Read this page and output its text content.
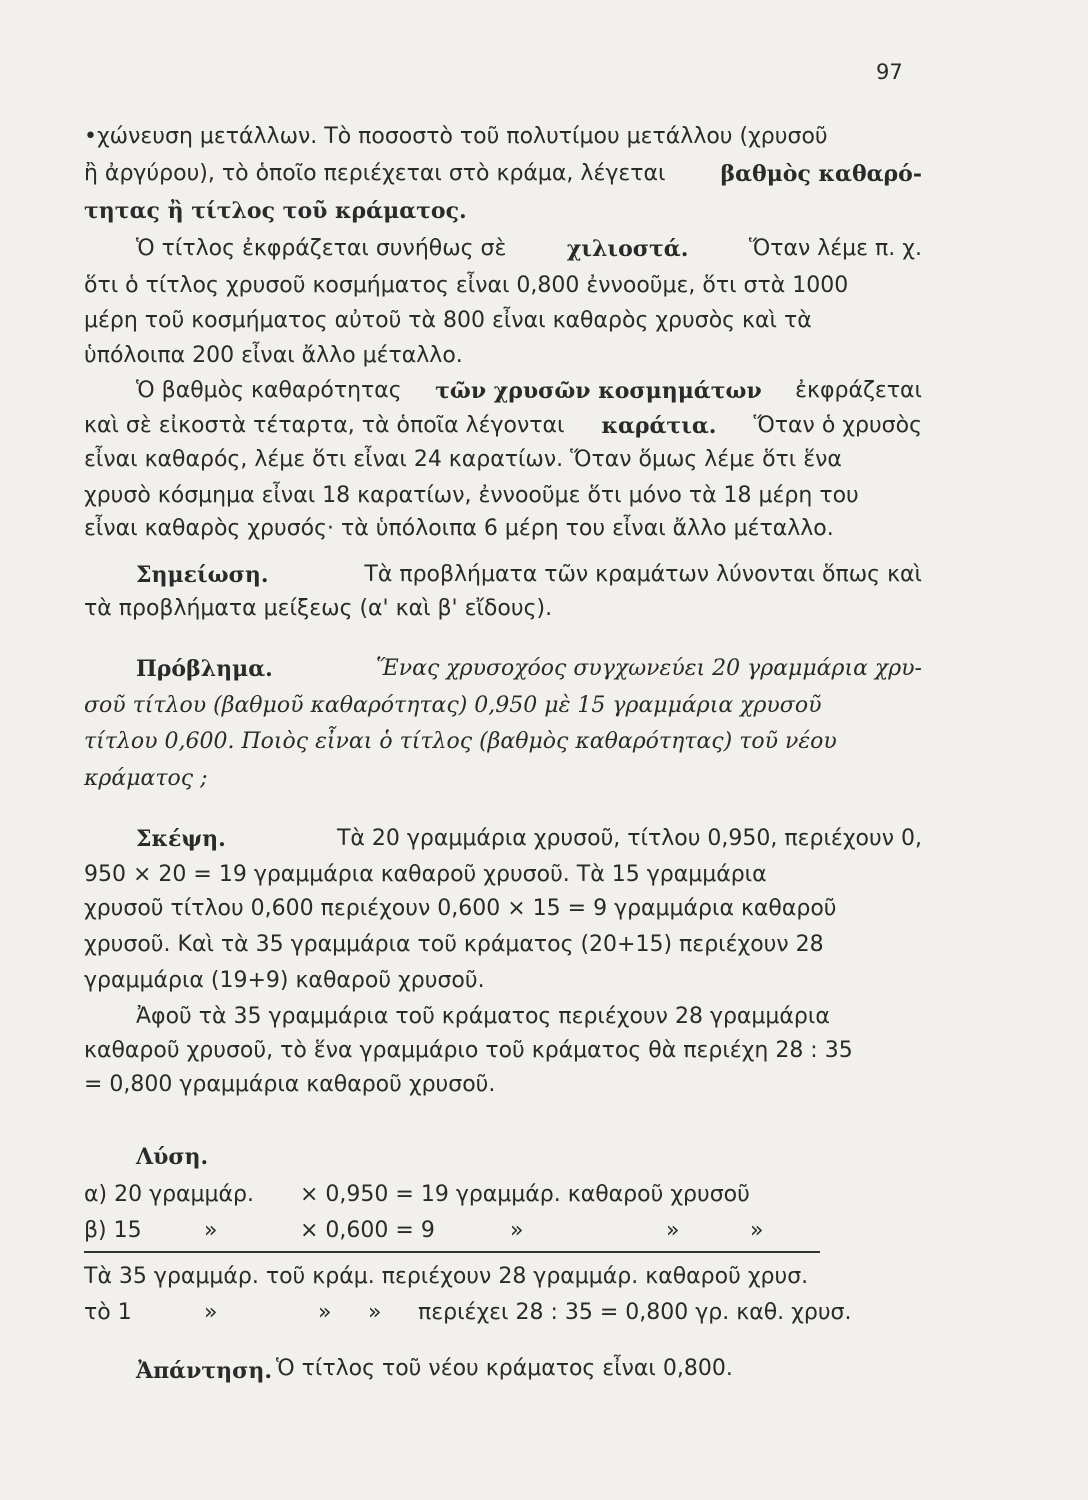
97
•χώνευση μετάλλων. Τὸ ποσοστὸ τοῦ πολυτίμου μετάλλου (χρυσοῦ
ἢ ἀργύρου), τὸ ὁποῖο περιέχεται στὸ κράμα, λέγεται	βαθμὸς καθαρό-
τητας ἢ τίτλος τοῦ κράματος.
Ὁ τίτλος ἐκφράζεται συνήθως σὲ	χιλιοστά.	Ὅταν λέμε π. χ.
ὅτι ὁ τίτλος χρυσοῦ κοσμήματος εἶναι 0,800 ἐννοοῦμε, ὅτι στὰ 1000
μέρη τοῦ κοσμήματος αὐτοῦ τὰ 800 εἶναι καθαρὸς χρυσὸς καὶ τὰ
ὑπόλοιπα 200 εἶναι ἄλλο μέταλλο.
Ὁ βαθμὸς καθαρότητας τῶν χρυσῶν κοσμημάτων ἐκφράζεται
καὶ σὲ εἰκοστὰ τέταρτα, τὰ ὁποῖα λέγονται καράτια. Ὅταν ὁ χρυσὸς
εἶναι καθαρός, λέμε ὅτι εἶναι 24 καρατίων. Ὅταν ὅμως λέμε ὅτι ἕνα
χρυσὸ κόσμημα εἶναι 18 καρατίων, ἐννοοῦμε ὅτι μόνο τὰ 18 μέρη του
εἶναι καθαρὸς χρυσός· τὰ ὑπόλοιπα 6 μέρη του εἶναι ἄλλο μέταλλο.
Σημείωση.	Τὰ προβλήματα τῶν κραμάτων λύνονται ὅπως καὶ
τὰ προβλήματα μείξεως (α' καὶ β' εἴδους).
Πρόβλημα.	Ἕνας χρυσοχόος συγχωνεύει 20 γραμμάρια χρυ-
σοῦ τίτλου (βαθμοῦ καθαρότητας) 0,950 μὲ 15 γραμμάρια χρυσοῦ
τίτλου 0,600. Ποιὸς εἶναι ὁ τίτλος (βαθμὸς καθαρότητας) τοῦ νέου
κράματος ;
Σκέψη.	Τὰ 20 γραμμάρια χρυσοῦ, τίτλου 0,950, περιέχουν 0,
950 × 20 = 19 γραμμάρια καθαροῦ χρυσοῦ. Τὰ 15 γραμμάρια
χρυσοῦ τίτλου 0,600 περιέχουν 0,600 × 15 = 9 γραμμάρια καθαροῦ
χρυσοῦ. Καὶ τὰ 35 γραμμάρια τοῦ κράματος (20+15) περιέχουν 28
γραμμάρια (19+9) καθαροῦ χρυσοῦ.
Ἀφοῦ τὰ 35 γραμμάρια τοῦ κράματος περιέχουν 28 γραμμάρια
καθαροῦ χρυσοῦ, τὸ ἕνα γραμμάριο τοῦ κράματος θὰ περιέχη 28 : 35
= 0,800 γραμμάρια καθαροῦ χρυσοῦ.
Λύση.
α) 20 γραμμάρ. × 0,950 = 19 γραμμάρ. καθαροῦ χρυσοῦ
β) 15	»	× 0,600 = 9	»	»	»
Τὰ 35 γραμμάρ. τοῦ κράμ. περιέχουν 28 γραμμάρ. καθαροῦ χρυσ.
τὸ 1	»	» » περιέχει 28 : 35 = 0,800 γρ. καθ. χρυσ.
Ἀπάντηση. Ὁ τίτλος τοῦ νέου κράματος εἶναι 0,800.
